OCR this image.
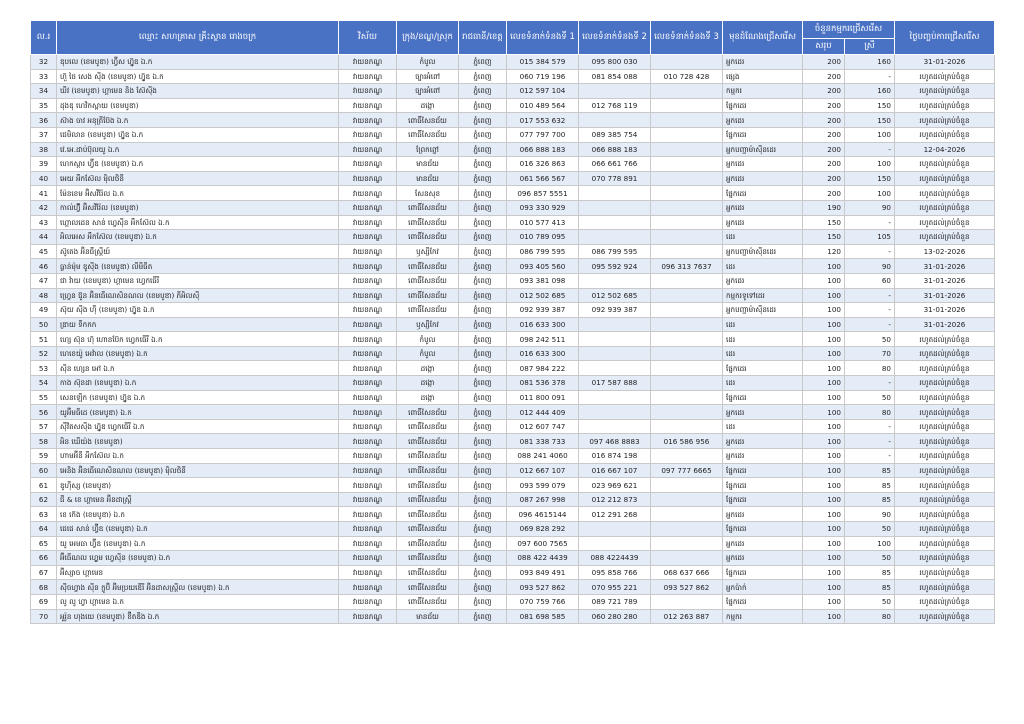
ល.រ	ឈ្មោះ សហគ្រាស គ្រឹះស្ថាន រោងចក្រ	វិស័យ	ក្រុង/ខណ្ឌ/ស្រុក	រាជធានី/ខេត្ត	លេខទំនាក់ទំនងទី 1	លេខទំនាក់ទំនងទី 2	លេខទំនាក់ទំនងទី 3	មុខដំណែងជ្រើសរើស	ចំនួនកម្មករជ្រើសរើស		ថ្ងៃបញ្ចប់ការជ្រើសរើស
									សរុប	ស្រី	
32	ឌុបលេ (ខេមបូឌា) ហ្វ៊ីស ហ្វ៊ូឌ ឯ.ក	វាយនភណ្ឌ	កំបូល	ភ្នំពេញ	015 384 579	095 800 030		អ្នកដេរ	200	160	31-01-2026
33	ហ៊ួ ថៃ សេង ស៊ីង (ខេមបូឌា) ហ្វ៊ូឌ ឯ.ក	វាយនភណ្ឌ	ច្បារអំពៅ	ភ្នំពេញ	060 719 196	081 854 088	010 728 428	ផ្សេង	200	-	រហូតដល់គ្រប់ចំនួន
34	ឃីវ (ខេមបូឌា) ហ្គាមេន និង ស៊ែស៊ីង	វាយនភណ្ឌ	ច្បារអំពៅ	ភ្នំពេញ	012 597 104			កម្មករ	200	160	រហូតដល់គ្រប់ចំនួន
35	ដុងឌុ ហេវិកស្ពាយ (ខេមបូឌា)	វាយនភណ្ឌ	ដង្កោ	ភ្នំពេញ	010 489 564	012 768 119		ផ្នែកដេរ	200	150	រហូតដល់គ្រប់ចំនួន
36	ស៊ាង ចាវ អនុត្រីប៊ែង ឯ.ក	វាយនភណ្ឌ	ពោធិ៍សែនជ័យ	ភ្នំពេញ	017 553 632			អ្នកដេរ	200	150	រហូតដល់គ្រប់ចំនួន
37	ជេមិលាន (ខេមបូឌា) ហ្វ៊ូឌ ឯ.ក	វាយនភណ្ឌ	ពោធិ៍សែនជ័យ	ភ្នំពេញ	077 797 700	089 385 754		ផ្នែកដេរ	200	100	រហូតដល់គ្រប់ចំនួន
38	វេ.អេ.ដាប់ប៊ុលយូ ឯ.ក	វាយនភណ្ឌ	ព្រែកព្នៅ	ភ្នំពេញ	066 888 183	066 888 183		អ្នកបញ្ជាម៉ាស៊ីនដេរ	200	-	12-04-2026
39	ហេកស្តារ ហ្វ៊ីឌ (ខេមបូឌា) ឯ.ក	វាយនភណ្ឌ	មានជ័យ	ភ្នំពេញ	016 326 863	066 661 766		អ្នកដេរ	200	100	រហូតដល់គ្រប់ចំនួន
40	អេយ អឹកស៊ែល ម៉ិលថិនី	វាយនភណ្ឌ	មានជ័យ	ភ្នំពេញ	061 566 567	070 778 891		អ្នកដេរ	200	150	រហូតដល់គ្រប់ចំនួន
41	ម៉ែនខេម អ៊ិសវីរ៉ែល ឯ.ក	វាយនភណ្ឌ	សែនសុខ	ភ្នំពេញ	096 857 5551			ផ្នែកដេរ	200	100	រហូតដល់គ្រប់ចំនួន
42	កាល់ហ៊្វី អ៊ិសវីរ៉ែល (ខេមបូឌា)	វាយនភណ្ឌ	ពោធិ៍សែនជ័យ	ភ្នំពេញ	093 330 929			អ្នកដេរ	190	90	រហូតដល់គ្រប់ចំនួន
43	ហ្គោលដេន សាន់ ហ្វេស៊ីន អឹកស៊ែល ឯ.ក	វាយនភណ្ឌ	ពោធិ៍សែនជ័យ	ភ្នំពេញ	010 577 413			អ្នកដេរ	150	-	រហូតដល់គ្រប់ចំនួន
44	អិលអេស អឹកស៊ែល (ខេមបូឌា) ឯ.ក	វាយនភណ្ឌ	ពោធិ៍សែនជ័យ	ភ្នំពេញ	010 789 095			ដេរ	150	105	រហូតដល់គ្រប់ចំនួន
45	ស៊ូតេង អ៊ិនធឺស្ត្រីយ៍	វាយនភណ្ឌ	ឫស្សីកែវ	ភ្នំពេញ	086 799 595	086 799 595		អ្នកបញ្ជាម៉ាស៊ីនដេរ	120	-	13-02-2026
46	ធ្លាន់ម៉ុម ឌូស៊ីង (ខេមបូឌា) លីមីធីត	វាយនភណ្ឌ	ពោធិ៍សែនជ័យ	ភ្នំពេញ	093 405 560	095 592 924	096 313 7637	ដេរ	100	90	31-01-2026
47	ជា វ៉ាយ (ខេមបូឌា) ហ្គាមេន ហ្វេកធើរី	វាយនភណ្ឌ	ពោធិ៍សែនជ័យ	ភ្នំពេញ	093 381 098			អ្នកដេរ	100	60	31-01-2026
48	ហ្វ្រេន ជ៊ូន អ៊ិនធើណេសិនណល (ខេមបូឌា) ភីអិលស៊ី	វាយនភណ្ឌ	ពោធិ៍សែនជ័យ	ភ្នំពេញ	012 502 685	012 502 685		កម្មករទូទៅដេរ	100	-	31-01-2026
49	ស៊ុយ ស៊ីង ហ៊ី (ខេមបូឌា) ហ្វ៊ូឌ ឯ.ក	វាយនភណ្ឌ	ពោធិ៍សែនជ័យ	ភ្នំពេញ	092 939 387	092 939 387		អ្នកបញ្ជាម៉ាស៊ីនដេរ	100	-	31-01-2026
50	ឌ្រាយ ទឹកកក	វាយនភណ្ឌ	ឫស្សីកែវ	ភ្នំពេញ	016 633 300			ដេរ	100	-	31-01-2026
51	ហ្សេ ស៊ុន ហ៊ុ ហោនប៊ែក ហ្វេកធើរី ឯ.ក	វាយនភណ្ឌ	កំបូល	ភ្នំពេញ	098 242 511			ដេរ	100	50	រហូតដល់គ្រប់ចំនួន
52	ហេខេយ៉ូ អេវ៉ាល (ខេមបូឌា) ឯ.ក	វាយនភណ្ឌ	កំបូល	ភ្នំពេញ	016 633 300			ដេរ	100	70	រហូតដល់គ្រប់ចំនួន
53	ស៊ីន ហ្សេន អៅ ឯ.ក	វាយនភណ្ឌ	ដង្កោ	ភ្នំពេញ	087 984 222			ផ្នែកដេរ	100	80	រហូតដល់គ្រប់ចំនួន
54	កាង ស៊ុនដា (ខេមបូឌា) ឯ.ក	វាយនភណ្ឌ	ដង្កោ	ភ្នំពេញ	081 536 378	017 587 888		ដេរ	100	-	រហូតដល់គ្រប់ចំនួន
55	សេនឡើក (ខេមបូឌា) ហ្វ៊ូឌ ឯ.ក	វាយនភណ្ឌ	ដង្កោ	ភ្នំពេញ	011 800 091			ផ្នែកដេរ	100	50	រហូតដល់គ្រប់ចំនួន
56	យូអ៊ីមធីដេ (ខេមបូឌា) ឯ.ក	វាយនភណ្ឌ	ពោធិ៍សែនជ័យ	ភ្នំពេញ	012 444 409			អ្នកដេរ	100	80	រហូតដល់គ្រប់ចំនួន
57	ស៊ីវិតសស៊ីង ហ្វ៊ូឌ ហ្វេកធើរី ឯ.ក	វាយនភណ្ឌ	ពោធិ៍សែនជ័យ	ភ្នំពេញ	012 607 747			ដេរ	100	-	រហូតដល់គ្រប់ចំនួន
58	អិន ឃើយ៉ង (ខេមបូឌា)	វាយនភណ្ឌ	ពោធិ៍សែនជ័យ	ភ្នំពេញ	081 338 733	097 468 8883	016 586 956	អ្នកដេរ	100	-	រហូតដល់គ្រប់ចំនួន
59	ហាមអ៊ីនី អឹកស៊ែល ឯ.ក	វាយនភណ្ឌ	ពោធិ៍សែនជ័យ	ភ្នំពេញ	088 241 4060	016 874 198		អ្នកដេរ	100	-	រហូតដល់គ្រប់ចំនួន
60	អេនិង អ៊ិនធើណេសិនណល (ខេមបូឌា) ម៉ិលថិនី	វាយនភណ្ឌ	ពោធិ៍សែនជ័យ	ភ្នំពេញ	012 667 107	016 667 107	097 777 6665	ផ្នែកដេរ	100	85	រហូតដល់គ្រប់ចំនួន
61	ឌូហ៊ីស្ស (ខេមបូឌា)	វាយនភណ្ឌ	ពោធិ៍សែនជ័យ	ភ្នំពេញ	093 599 079	023 969 621		ផ្នែកដេរ	100	85	រហូតដល់គ្រប់ចំនួន
62	ជី & ខេ ហ្គាមេន អ៊ិនដាស្ត្រី	វាយនភណ្ឌ	ពោធិ៍សែនជ័យ	ភ្នំពេញ	087 267 998	012 212 873		ផ្នែកដេរ	100	85	រហូតដល់គ្រប់ចំនួន
63	ខេ ក៊េង (ខេមបូឌា) ឯ.ក	វាយនភណ្ឌ	ពោធិ៍សែនជ័យ	ភ្នំពេញ	096 4615144	012 291 268		អ្នកដេរ	100	90	រហូតដល់គ្រប់ចំនួន
64	ជេជេ សាន់ ហ្វ៊ីឌ (ខេមបូឌា) ឯ.ក	វាយនភណ្ឌ	ពោធិ៍សែនជ័យ	ភ្នំពេញ	069 828 292			ផ្នែកដេរ	100	50	រហូតដល់គ្រប់ចំនួន
65	យូ អេមធា ហ្វ៊ីឌ (ខេមបូឌា) ឯ.ក	វាយនភណ្ឌ	ពោធិ៍សែនជ័យ	ភ្នំពេញ	097 600 7565			អ្នកដេរ	100	100	រហូតដល់គ្រប់ចំនួន
66	អ៊ីធើណល ហ្វ្លេម ហ្វេស៊ីន (ខេមបូឌា) ឯ.ក	វាយនភណ្ឌ	ពោធិ៍សែនជ័យ	ភ្នំពេញ	088 422 4439	088 4224439		អ្នកដេរ	100	50	រហូតដល់គ្រប់ចំនួន
67	អ៊ីស្សាច ហ្គាមេន	វាយនភណ្ឌ	ពោធិ៍សែនជ័យ	ភ្នំពេញ	093 849 491	095 858 766	068 637 666	ផ្នែកដេរ	100	85	រហូតដល់គ្រប់ចំនួន
68	ស៊ីចហ្វាង ស៊ីន ក្លូប៊ិ អ៊ិមប្រយឌើរី អ៊ិនដាសស្ត្រីល (ខេមបូឌា) ឯ.ក	វាយនភណ្ឌ	ពោធិ៍សែនជ័យ	ភ្នំពេញ	093 527 862	070 955 221	093 527 862	អ្នកប៉ាក់	100	85	រហូតដល់គ្រប់ចំនួន
69	លូ លូ ហ្វា ហ្គាមេន ឯ.ក	វាយនភណ្ឌ	ពោធិ៍សែនជ័យ	ភ្នំពេញ	070 759 766	089 721 789		ផ្នែកដេរ	100	50	រហូតដល់គ្រប់ចំនួន
70	អូរ៉ូន ហុងយេ (ខេមបូឌា) ខ៊ីតឌីង ឯ.ក	វាយនភណ្ឌ	មានជ័យ	ភ្នំពេញ	081 698 585	060 280 280	012 263 887	កម្មករ	100	80	រហូតដល់គ្រប់ចំនួន
